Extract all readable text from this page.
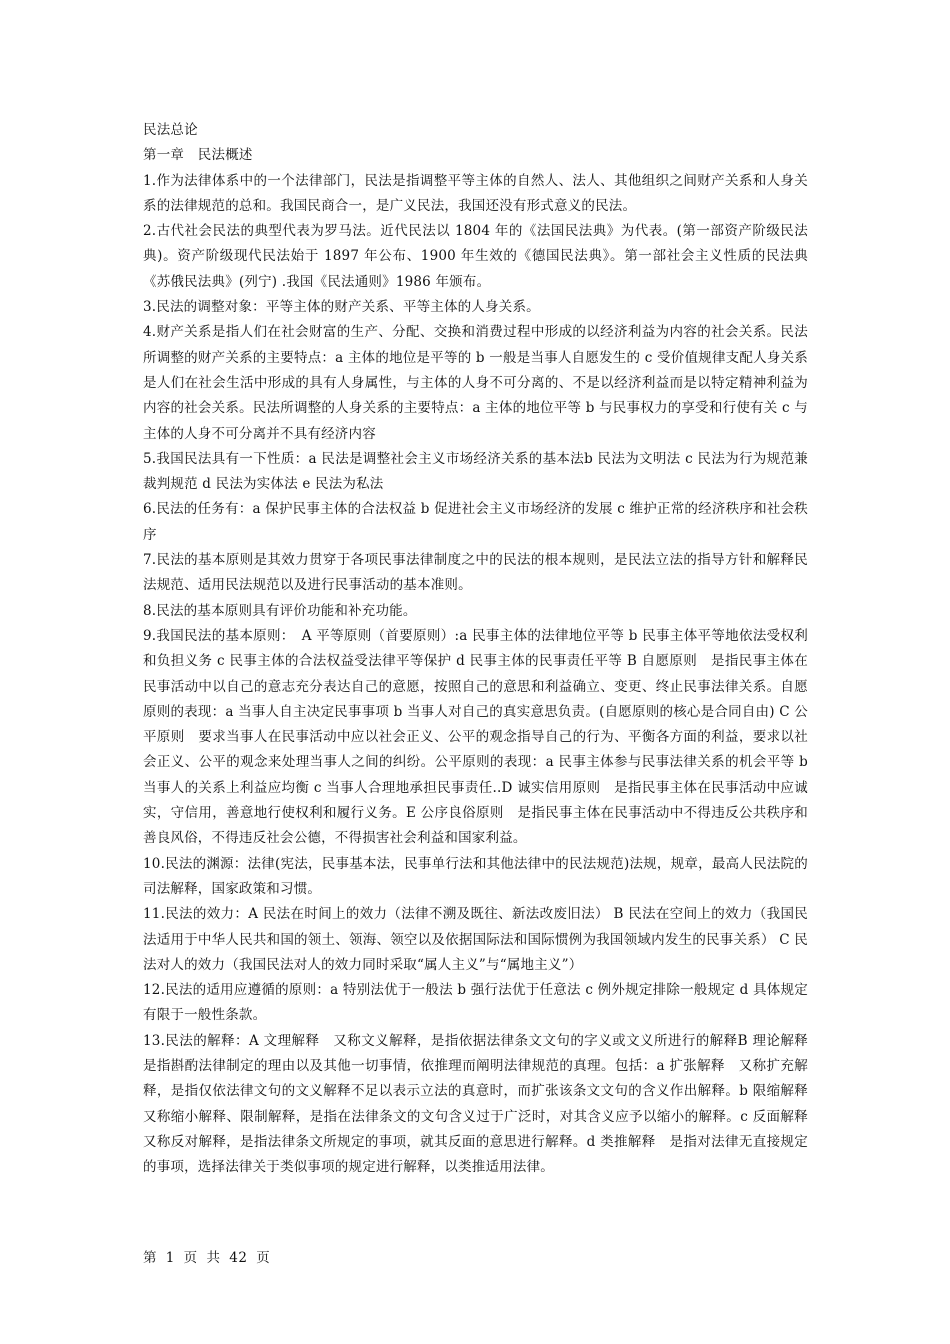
民法总论

第一章　民法概述

1.作为法律体系中的一个法律部门，民法是指调整平等主体的自然人、法人、其他组织之间财产关系和人身关系的法律规范的总和。我国民商合一，是广义民法，我国还没有形式意义的民法。

2.古代社会民法的典型代表为罗马法。近代民法以 1804 年的《法国民法典》为代表。(第一部资产阶级民法典)。资产阶级现代民法始于 1897 年公布、1900 年生效的《德国民法典》。第一部社会主义性质的民法典《苏俄民法典》(列宁) .我国《民法通则》1986 年颁布。

3.民法的调整对象：平等主体的财产关系、平等主体的人身关系。

4.财产关系是指人们在社会财富的生产、分配、交换和消费过程中形成的以经济利益为内容的社会关系。民法所调整的财产关系的主要特点：a 主体的地位是平等的 b 一般是当事人自愿发生的 c 受价值规律支配人身关系是人们在社会生活中形成的具有人身属性，与主体的人身不可分离的、不是以经济利益而是以特定精神利益为内容的社会关系。民法所调整的人身关系的主要特点：a 主体的地位平等 b 与民事权力的享受和行使有关 c 与主体的人身不可分离并不具有经济内容

5.我国民法具有一下性质：a 民法是调整社会主义市场经济关系的基本法b 民法为文明法 c 民法为行为规范兼裁判规范 d 民法为实体法 e 民法为私法

6.民法的任务有：a 保护民事主体的合法权益 b 促进社会主义市场经济的发展 c 维护正常的经济秩序和社会秩序

7.民法的基本原则是其效力贯穿于各项民事法律制度之中的民法的根本规则，是民法立法的指导方针和解释民法规范、适用民法规范以及进行民事活动的基本准则。

8.民法的基本原则具有评价功能和补充功能。

9.我国民法的基本原则：　A 平等原则（首要原则）:a 民事主体的法律地位平等 b 民事主体平等地依法受权利和负担义务 c 民事主体的合法权益受法律平等保护 d 民事主体的民事责任平等 B 自愿原则　是指民事主体在民事活动中以自己的意志充分表达自己的意愿，按照自己的意思和利益确立、变更、终止民事法律关系。自愿原则的表现：a 当事人自主决定民事事项 b 当事人对自己的真实意思负责。(自愿原则的核心是合同自由) C 公平原则　要求当事人在民事活动中应以社会正义、公平的观念指导自己的行为、平衡各方面的利益，要求以社会正义、公平的观念来处理当事人之间的纠纷。公平原则的表现：a 民事主体参与民事法律关系的机会平等 b 当事人的关系上利益应均衡 c 当事人合理地承担民事责任..D 诚实信用原则　是指民事主体在民事活动中应诚实，守信用，善意地行使权利和履行义务。E 公序良俗原则　是指民事主体在民事活动中不得违反公共秩序和善良风俗，不得违反社会公德，不得损害社会利益和国家利益。

10.民法的渊源：法律(宪法，民事基本法，民事单行法和其他法律中的民法规范)法规，规章，最高人民法院的司法解释，国家政策和习惯。

11.民法的效力：A 民法在时间上的效力（法律不溯及既往、新法改废旧法） B 民法在空间上的效力（我国民法适用于中华人民共和国的领土、领海、领空以及依据国际法和国际惯例为我国领域内发生的民事关系） C 民法对人的效力（我国民法对人的效力同时采取“属人主义”与“属地主义”）

12.民法的适用应遵循的原则：a 特别法优于一般法 b 强行法优于任意法 c 例外规定排除一般规定 d 具体规定有限于一般性条款。

13.民法的解释：A 文理解释　又称文义解释，是指依据法律条文文句的字义或文义所进行的解释B 理论解释　是指斟酌法律制定的理由以及其他一切事情，依推理而阐明法律规范的真理。包括：a 扩张解释　又称扩充解释，是指仅依法律文句的文义解释不足以表示立法的真意时，而扩张该条文文句的含义作出解释。b 限缩解释　又称缩小解释、限制解释，是指在法律条文的文句含义过于广泛时，对其含义应予以缩小的解释。c 反面解释又称反对解释，是指法律条文所规定的事项，就其反面的意思进行解释。d 类推解释　是指对法律无直接规定的事项，选择法律关于类似事项的规定进行解释，以类推适用法律。

第 1 页 共 42 页
